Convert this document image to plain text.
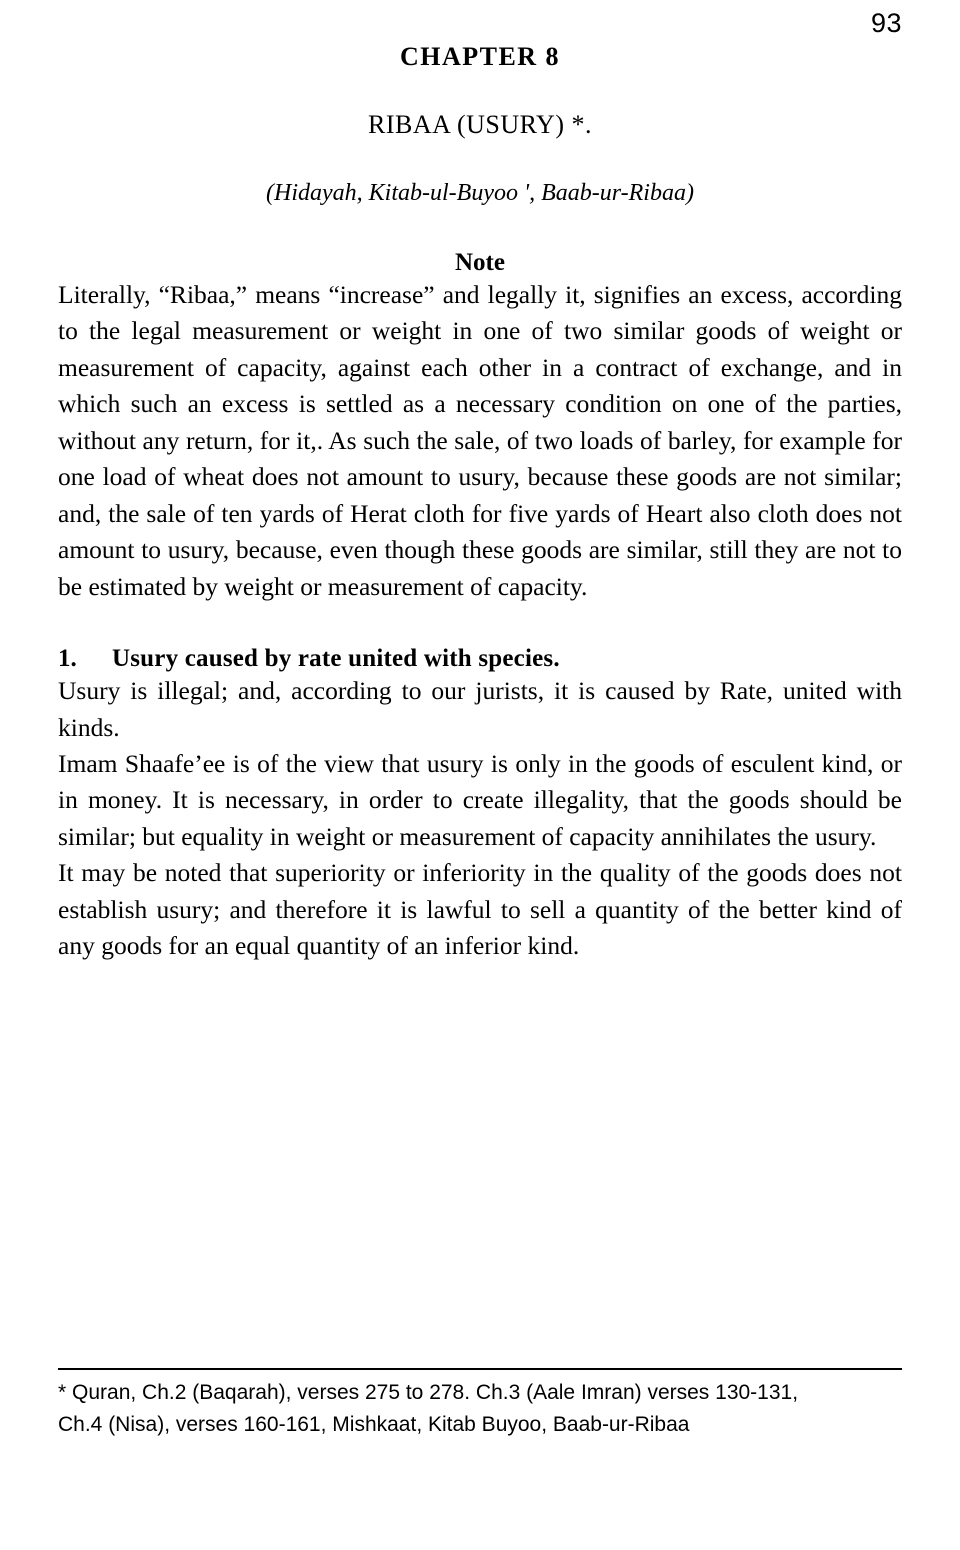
93
CHAPTER 8
RIBAA (USURY) *.
(Hidayah, Kitab-ul-Buyoo ', Baab-ur-Ribaa)
Note

Literally, “Ribaa,” means “increase” and legally it, signifies an excess, according to the legal measurement or weight in one of two similar goods of weight or measurement of capacity, against each other in a contract of exchange, and in which such an excess is settled as a necessary condition on one of the parties, without any return, for it,. As such the sale, of two loads of barley, for example for one load of wheat does not amount to usury, because these goods are not similar; and, the sale of ten yards of Herat cloth for five yards of Heart also cloth does not amount to usury, because, even though these goods are similar, still they are not to be estimated by weight or measurement of capacity.

1.	Usury caused by rate united with species.

Usury is illegal; and, according to our jurists, it is caused by Rate, united with kinds.

Imam Shaafe’ee is of the view that usury is only in the goods of esculent kind, or in money. It is necessary, in order to create illegality, that the goods should be similar; but equality in weight or measurement of capacity annihilates the usury.

It may be noted that superiority or inferiority in the quality of the goods does not establish usury; and therefore it is lawful to sell a quantity of the better kind of any goods for an equal quantity of an inferior kind.

* Quran, Ch.2 (Baqarah), verses 275 to 278. Ch.3 (Aale Imran) verses 130-131,
Ch.4 (Nisa), verses 160-161, Mishkaat, Kitab Buyoo, Baab-ur-Ribaa
